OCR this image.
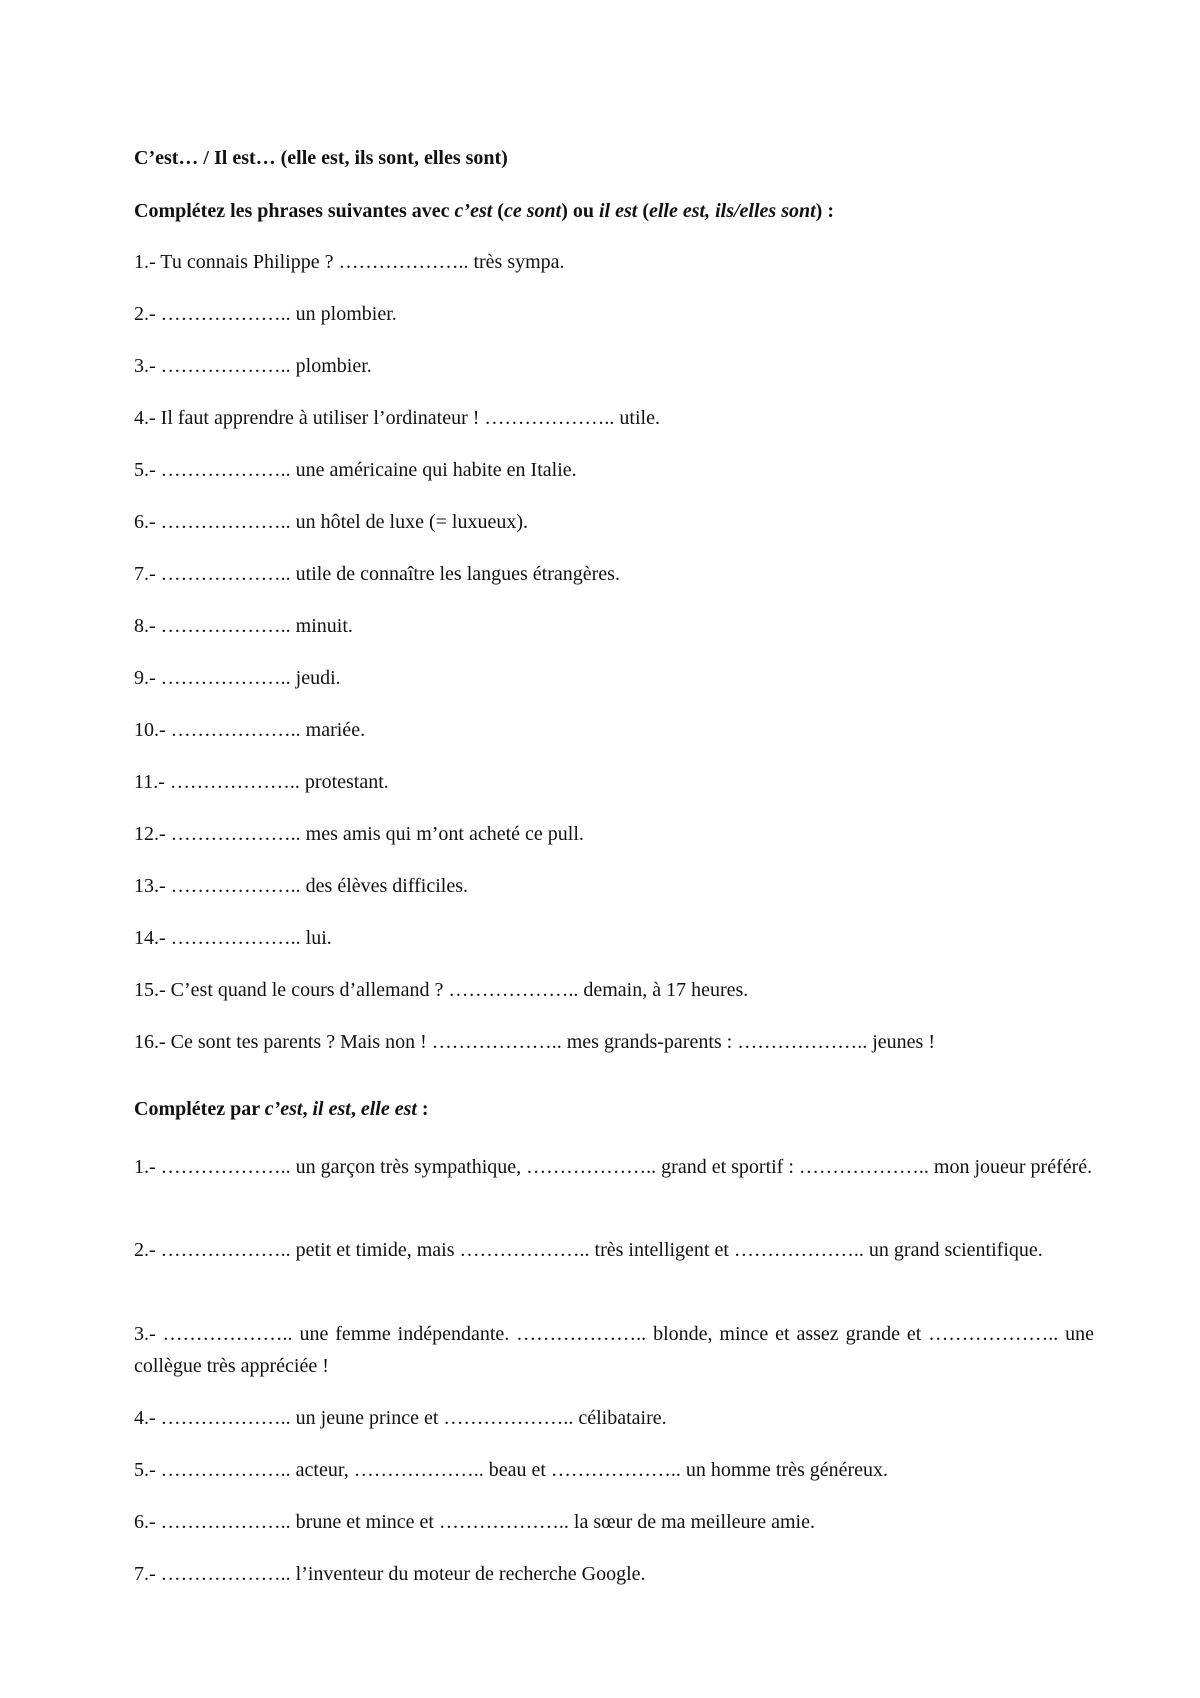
C’est… / Il est… (elle est, ils sont, elles sont)
Complétez les phrases suivantes avec c’est (ce sont) ou il est (elle est, ils/elles sont) :
1.- Tu connais Philippe ? ……………….. très sympa.
2.- ……………….. un plombier.
3.- ……………….. plombier.
4.- Il faut apprendre à utiliser l’ordinateur ! ……………….. utile.
5.- ……………….. une américaine qui habite en Italie.
6.- ……………….. un hôtel de luxe (= luxueux).
7.- ……………….. utile de connaître les langues étrangères.
8.- ……………….. minuit.
9.- ……………….. jeudi.
10.- ……………….. mariée.
11.- ……………….. protestant.
12.- ……………….. mes amis qui m’ont acheté ce pull.
13.- ……………….. des élèves difficiles.
14.- ……………….. lui.
15.- C’est quand le cours d’allemand ? ……………….. demain, à 17 heures.
16.- Ce sont tes parents ? Mais non ! ……………….. mes grands-parents : ……………….. jeunes !
Complétez par c’est, il est, elle est :
1.- ……………….. un garçon très sympathique, ……………….. grand et sportif : ……………….. mon joueur préféré.
2.- ……………….. petit et timide, mais ……………….. très intelligent et ……………….. un grand scientifique.
3.- ……………….. une femme indépendante. ……………….. blonde, mince et assez grande et ……………….. une collègue très appréciée !
4.- ……………….. un jeune prince et ……………….. célibataire.
5.- ……………….. acteur, ……………….. beau et ……………….. un homme très généreux.
6.- ……………….. brune et mince et ……………….. la sœur de ma meilleure amie.
7.- ……………….. l’inventeur du moteur de recherche Google.
